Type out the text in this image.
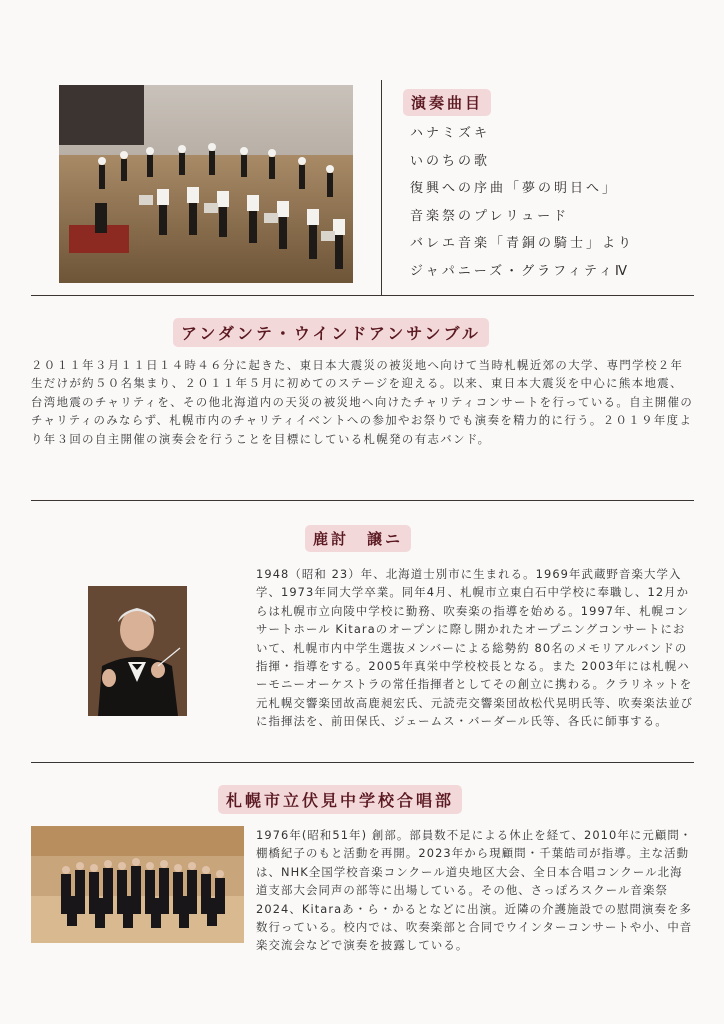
演奏曲目
ハナミズキ
いのちの歌
復興への序曲「夢の明日へ」
音楽祭のプレリュード
バレエ音楽「青銅の騎士」より
ジャパニーズ・グラフィティⅣ
アンダンテ・ウインドアンサンブル

２０１１年３月１１日１４時４６分に起きた、東日本大震災の被災地へ向けて当時札幌近郊の大学、専門学校２年生だけが約５０名集まり、２０１１年５月に初めてのステージを迎える。以来、東日本大震災を中心に熊本地震、台湾地震のチャリティを、その他北海道内の天災の被災地へ向けたチャリティコンサートを行っている。自主開催のチャリティのみならず、札幌市内のチャリティイベントへの参加やお祭りでも演奏を精力的に行う。２０１９年度より年３回の自主開催の演奏会を行うことを目標にしている札幌発の有志バンド。

鹿討　譲ニ

1948（昭和 23）年、北海道士別市に生まれる。1969年武蔵野音楽大学入学、1973年同大学卒業。同年4月、札幌市立東白石中学校に奉職し、12月からは札幌市立向陵中学校に勤務、吹奏楽の指導を始める。1997年、札幌コンサートホール Kitaraのオープンに際し開かれたオープニングコンサートにおいて、札幌市内中学生選抜メンバーによる総勢約 80名のメモリアルバンドの指揮・指導をする。2005年真栄中学校校長となる。また 2003年には札幌ハーモニーオーケストラの常任指揮者としてその創立に携わる。クラリネットを元札幌交響楽団故高鹿昶宏氏、元読売交響楽団故松代晃明氏等、吹奏楽法並びに指揮法を、前田保氏、ジェームス・バーダール氏等、各氏に師事する。

札幌市立伏見中学校合唱部

1976年(昭和51年) 創部。部員数不足による休止を経て、2010年に元顧問・棚橋紀子のもと活動を再開。2023年から現顧問・千葉皓司が指導。主な活動は、NHK全国学校音楽コンクール道央地区大会、全日本合唱コンクール北海道支部大会同声の部等に出場している。その他、さっぽろスクール音楽祭2024、Kitaraあ・ら・かるとなどに出演。近隣の介護施設での慰問演奏を多数行っている。校内では、吹奏楽部と合同でウインターコンサートや小、中音楽交流会などで演奏を披露している。
